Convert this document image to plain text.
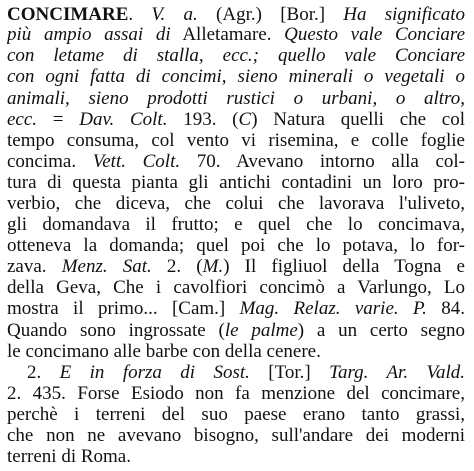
CONCIMARE. V. a. (Agr.) [Bor.] Ha significato
più ampio assai di Alletamare. Questo vale Conciare
con letame di stalla, ecc.; quello vale Conciare
con ogni fatta di concimi, sieno minerali o vegetali o
animali, sieno prodotti rustici o urbani, o altro,
ecc. = Dav. Colt. 193. (C) Natura quelli che col
tempo consuma, col vento vi risemina, e colle foglie
concima. Vett. Colt. 70. Avevano intorno alla col-
tura di questa pianta gli antichi contadini un loro pro-
verbio, che diceva, che colui che lavorava l'uliveto,
gli domandava il frutto; e quel che lo concimava,
otteneva la domanda; quel poi che lo potava, lo for-
zava. Menz. Sat. 2. (M.) Il figliuol della Togna e
della Geva, Che i cavolfiori concimò a Varlungo, Lo
mostra il primo... [Cam.] Mag. Relaz. varie. P. 84.
Quando sono ingrossate (le palme) a un certo segno
le concimano alle barbe con della cenere.
2. E in forza di Sost. [Tor.] Targ. Ar. Vald.
2. 435. Forse Esiodo non fa menzione del concimare,
perchè i terreni del suo paese erano tanto grassi,
che non ne avevano bisogno, sull'andare dei moderni
terreni di Roma.
